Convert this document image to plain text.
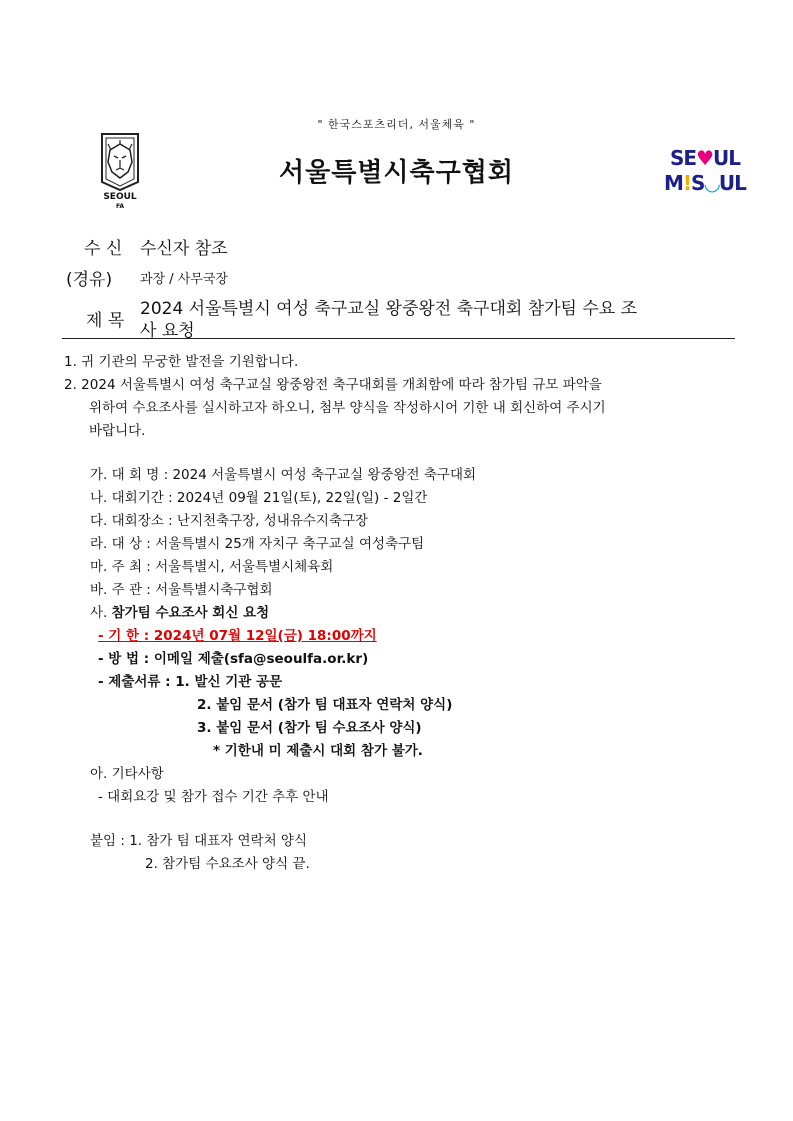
" 한국스포츠리더, 서울체육 "
SEOUL
FA
서울특별시축구협회	SE♥UL
M!S◡UL
수 신 수신자 참조
(경유) 과장 / 사무국장
제 목
2024 서울특별시 여성 축구교실 왕중왕전 축구대회 참가팀 수요 조
사 요청
1. 귀 기관의 무궁한 발전을 기원합니다.
2. 2024 서울특별시 여성 축구교실 왕중왕전 축구대회를 개최함에 따라 참가팀 규모 파악을
위하여 수요조사를 실시하고자 하오니, 첨부 양식을 작성하시어 기한 내 회신하여 주시기
바랍니다.
가. 대 회 명 : 2024 서울특별시 여성 축구교실 왕중왕전 축구대회
나. 대회기간 : 2024년 09월 21일(토), 22일(일) - 2일간
다. 대회장소 : 난지천축구장, 성내유수지축구장
라. 대 상 : 서울특별시 25개 자치구 축구교실 여성축구팀
마. 주 최 : 서울특별시, 서울특별시체육회
바. 주 관 : 서울특별시축구협회
사. 참가팀 수요조사 회신 요청
- 기 한 : 2024년 07월 12일(금) 18:00까지
- 방 법 : 이메일 제출(sfa@seoulfa.or.kr)
- 제출서류 : 1. 발신 기관 공문
2. 붙임 문서 (참가 팀 대표자 연락처 양식)
3. 붙임 문서 (참가 팀 수요조사 양식)
* 기한내 미 제출시 대회 참가 불가.
아. 기타사항
- 대회요강 및 참가 접수 기간 추후 안내
붙임 : 1. 참가 팀 대표자 연락처 양식
2. 참가팀 수요조사 양식 끝.
